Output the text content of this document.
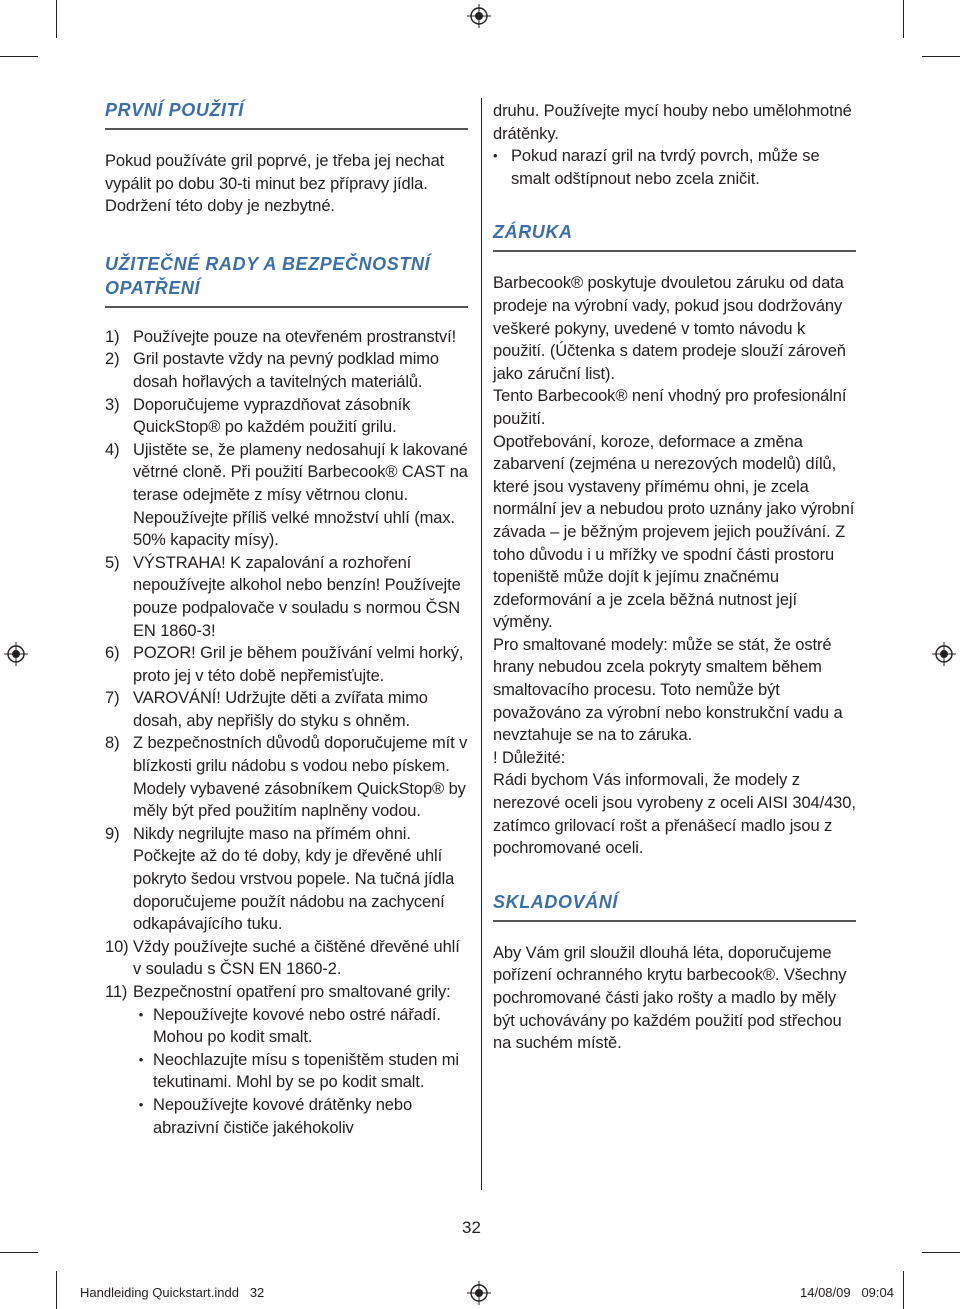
PRVNÍ POUŽITÍ

Pokud používáte gril poprvé, je třeba jej nechat vypálit po dobu 30-ti minut bez přípravy jídla. Dodržení této doby je nezbytné.

UŽITEČNÉ RADY A BEZPEČNOSTNÍ
OPATŘENÍ

1) Používejte pouze na otevřeném prostranství!
2) Gril postavte vždy na pevný podklad mimo dosah hořlavých a tavitelných materiálů.
3) Doporučujeme vyprazdňovat zásobník QuickStop® po každém použití grilu.
4) Ujistěte se, že plameny nedosahují k lakované větrné cloně. Při použití Barbecook® CAST na terase odejměte z mísy větrnou clonu. Nepoužívejte příliš velké množství uhlí (max. 50% kapacity mísy).
5) VÝSTRAHA! K zapalování a rozhoření nepoužívejte alkohol nebo benzín! Používejte pouze podpalovače v souladu s normou ČSN EN 1860-3!
6) POZOR! Gril je během používání velmi horký, proto jej v této době nepřemisťujte.
7) VAROVÁNÍ! Udržujte děti a zvířata mimo dosah, aby nepřišly do styku s ohněm.
8) Z bezpečnostních důvodů doporučujeme mít v blízkosti grilu nádobu s vodou nebo pískem. Modely vybavené zásobníkem QuickStop® by měly být před použitím naplněny vodou.
9) Nikdy negrilujte maso na přímém ohni. Počkejte až do té doby, kdy je dřevěné uhlí pokryto šedou vrstvou popele. Na tučná jídla doporučujeme použít nádobu na zachycení odkapávajícího tuku.
10) Vždy používejte suché a čištěné dřevěné uhlí v souladu s ČSN EN 1860-2.
11) Bezpečnostní opatření pro smaltované grily:
• Nepoužívejte kovové nebo ostré nářadí. Mohou po kodit smalt.
• Neochlazujte mísu s topeništěm studen mi tekutinami. Mohl by se po kodit smalt.
• Nepoužívejte kovové drátěnky nebo abrazivní čističe jakéhokoliv

druhu. Používejte mycí houby nebo umělohmotné drátěnky.

• Pokud narazí gril na tvrdý povrch, může se smalt odštípnout nebo zcela zničit.

ZÁRUKA

Barbecook® poskytuje dvouletou záruku od data prodeje na výrobní vady, pokud jsou dodržovány veškeré pokyny, uvedené v tomto návodu k použití. (Účtenka s datem prodeje slouží zároveň jako záruční list).

Tento Barbecook® není vhodný pro profesionální použití.

Opotřebování, koroze, deformace a změna zabarvení (zejména u nerezových modelů) dílů, které jsou vystaveny přímému ohni, je zcela normální jev a nebudou proto uznány jako výrobní závada – je běžným projevem jejich používání. Z toho důvodu i u mřížky ve spodní části prostoru topeniště může dojít k jejímu značnému zdeformování a je zcela běžná nutnost její výměny.

Pro smaltované modely: může se stát, že ostré hrany nebudou zcela pokryty smaltem během smaltovacího procesu. Toto nemůže být považováno za výrobní nebo konstrukční vadu a nevztahuje se na to záruka.

! Důležité:

Rádi bychom Vás informovali, že modely z nerezové oceli jsou vyrobeny z oceli AISI 304/430, zatímco grilovací rošt a přenášecí madlo jsou z pochromované oceli.

SKLADOVÁNÍ

Aby Vám gril sloužil dlouhá léta, doporučujeme pořízení ochranného krytu barbecook®. Všechny pochromované části jako rošty a madlo by měly být uchovávány po každém použití pod střechou na suchém místě.

32
Handleiding Quickstart.indd 32	14/08/09 09:04
